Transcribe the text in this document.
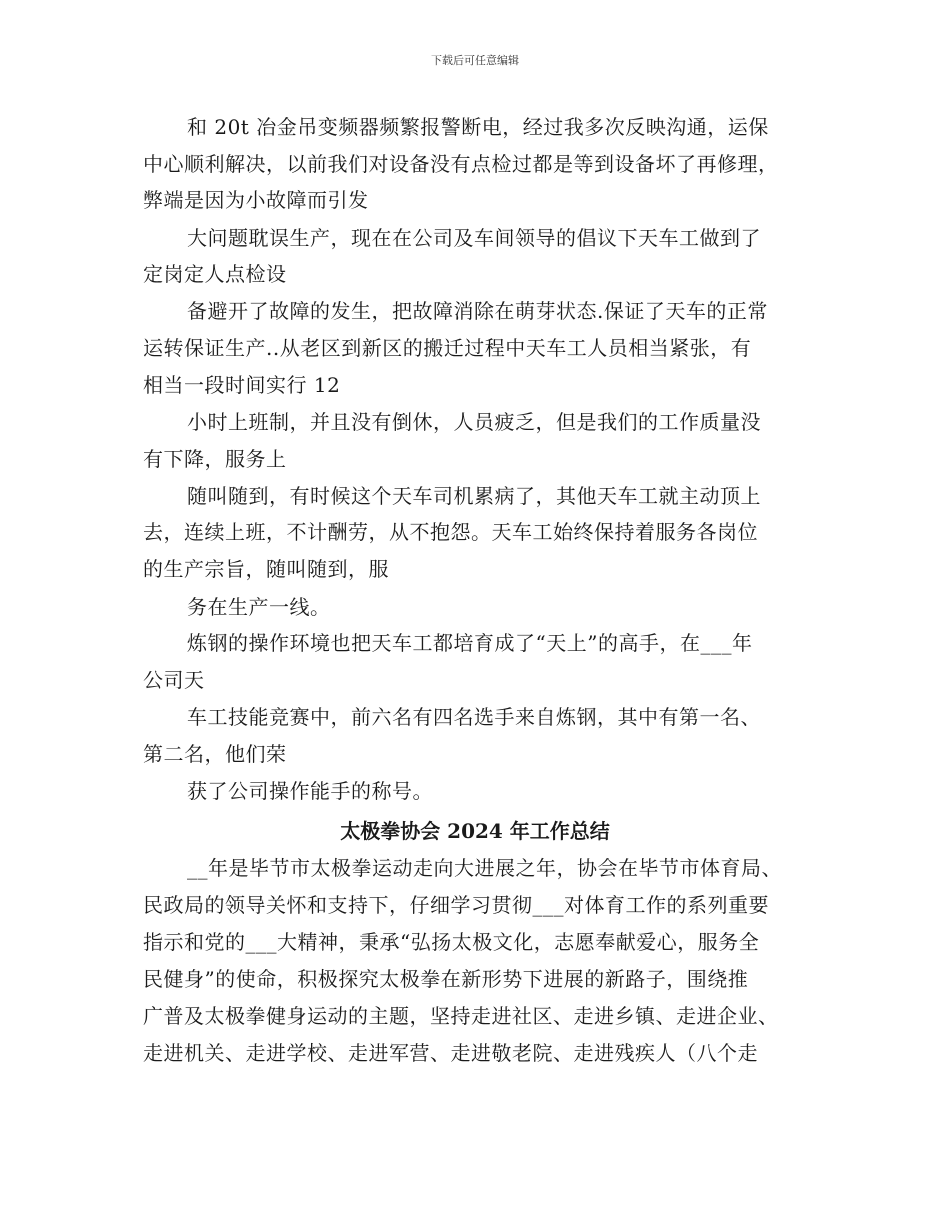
下载后可任意编辑
和 20t 冶金吊变频器频繁报警断电，经过我多次反映沟通，运保
中心顺利解决，以前我们对设备没有点检过都是等到设备坏了再修理，
弊端是因为小故障而引发
大问题耽误生产，现在在公司及车间领导的倡议下天车工做到了
定岗定人点检设
备避开了故障的发生，把故障消除在萌芽状态.保证了天车的正常
运转保证生产..从老区到新区的搬迁过程中天车工人员相当紧张，有
相当一段时间实行 12
小时上班制，并且没有倒休，人员疲乏，但是我们的工作质量没
有下降，服务上
随叫随到，有时候这个天车司机累病了，其他天车工就主动顶上
去，连续上班，不计酬劳，从不抱怨。天车工始终保持着服务各岗位
的生产宗旨，随叫随到，服
务在生产一线。
炼钢的操作环境也把天车工都培育成了“天上”的高手，在___年
公司天
车工技能竞赛中，前六名有四名选手来自炼钢，其中有第一名、
第二名，他们荣
获了公司操作能手的称号。
太极拳协会 2024 年工作总结
__年是毕节市太极拳运动走向大进展之年，协会在毕节市体育局、
民政局的领导关怀和支持下，仔细学习贯彻___对体育工作的系列重要
指示和党的___大精神，秉承“弘扬太极文化，志愿奉献爱心，服务全
民健身”的使命，积极探究太极拳在新形势下进展的新路子，围绕推
广普及太极拳健身运动的主题，坚持走进社区、走进乡镇、走进企业、
走进机关、走进学校、走进军营、走进敬老院、走进残疾人（八个走
